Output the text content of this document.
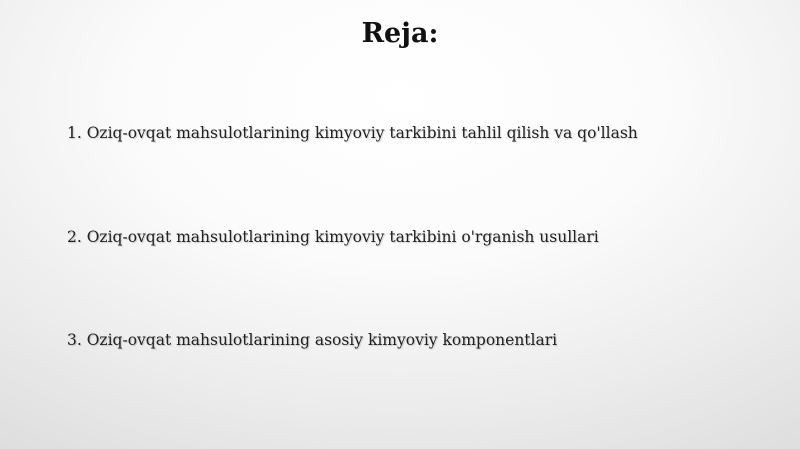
Reja:
1. Oziq-ovqat mahsulotlarining kimyoviy tarkibini tahlil qilish va qo'llash
2. Oziq-ovqat mahsulotlarining kimyoviy tarkibini o'rganish usullari
3. Oziq-ovqat mahsulotlarining asosiy kimyoviy komponentlari
